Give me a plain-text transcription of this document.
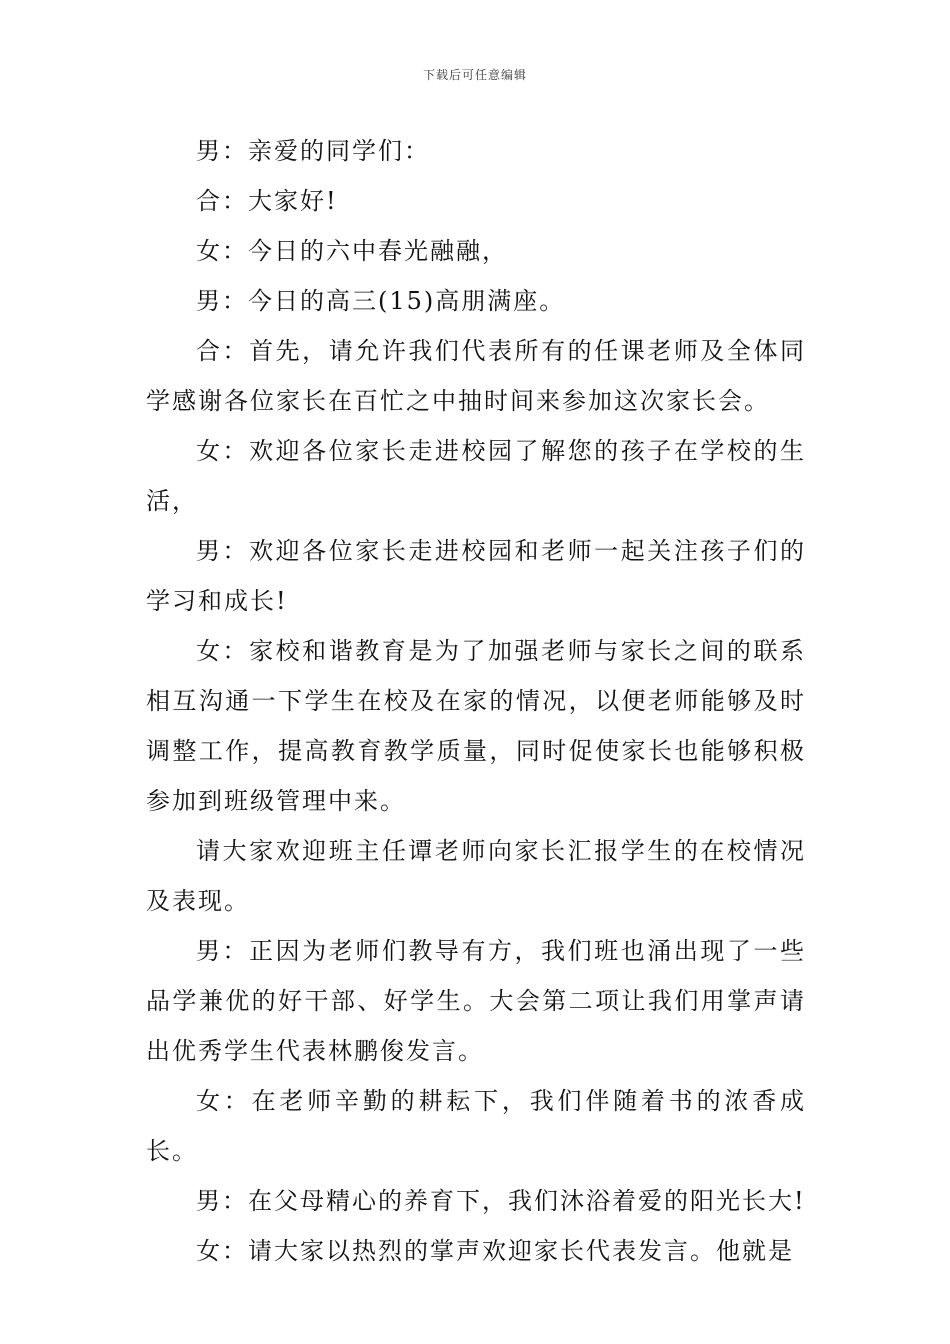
下载后可任意编辑

男：亲爱的同学们：

合：大家好!

女：今日的六中春光融融，

男：今日的高三(15)高朋满座。

合：首先，请允许我们代表所有的任课老师及全体同学感谢各位家长在百忙之中抽时间来参加这次家长会。

女：欢迎各位家长走进校园了解您的孩子在学校的生活，

男：欢迎各位家长走进校园和老师一起关注孩子们的学习和成长!

女：家校和谐教育是为了加强老师与家长之间的联系相互沟通一下学生在校及在家的情况，以便老师能够及时调整工作，提高教育教学质量，同时促使家长也能够积极参加到班级管理中来。

请大家欢迎班主任谭老师向家长汇报学生的在校情况及表现。

男：正因为老师们教导有方，我们班也涌出现了一些品学兼优的好干部、好学生。大会第二项让我们用掌声请出优秀学生代表林鹏俊发言。

女：在老师辛勤的耕耘下，我们伴随着书的浓香成长。

男：在父母精心的养育下，我们沐浴着爱的阳光长大!

女：请大家以热烈的掌声欢迎家长代表发言。他就是
